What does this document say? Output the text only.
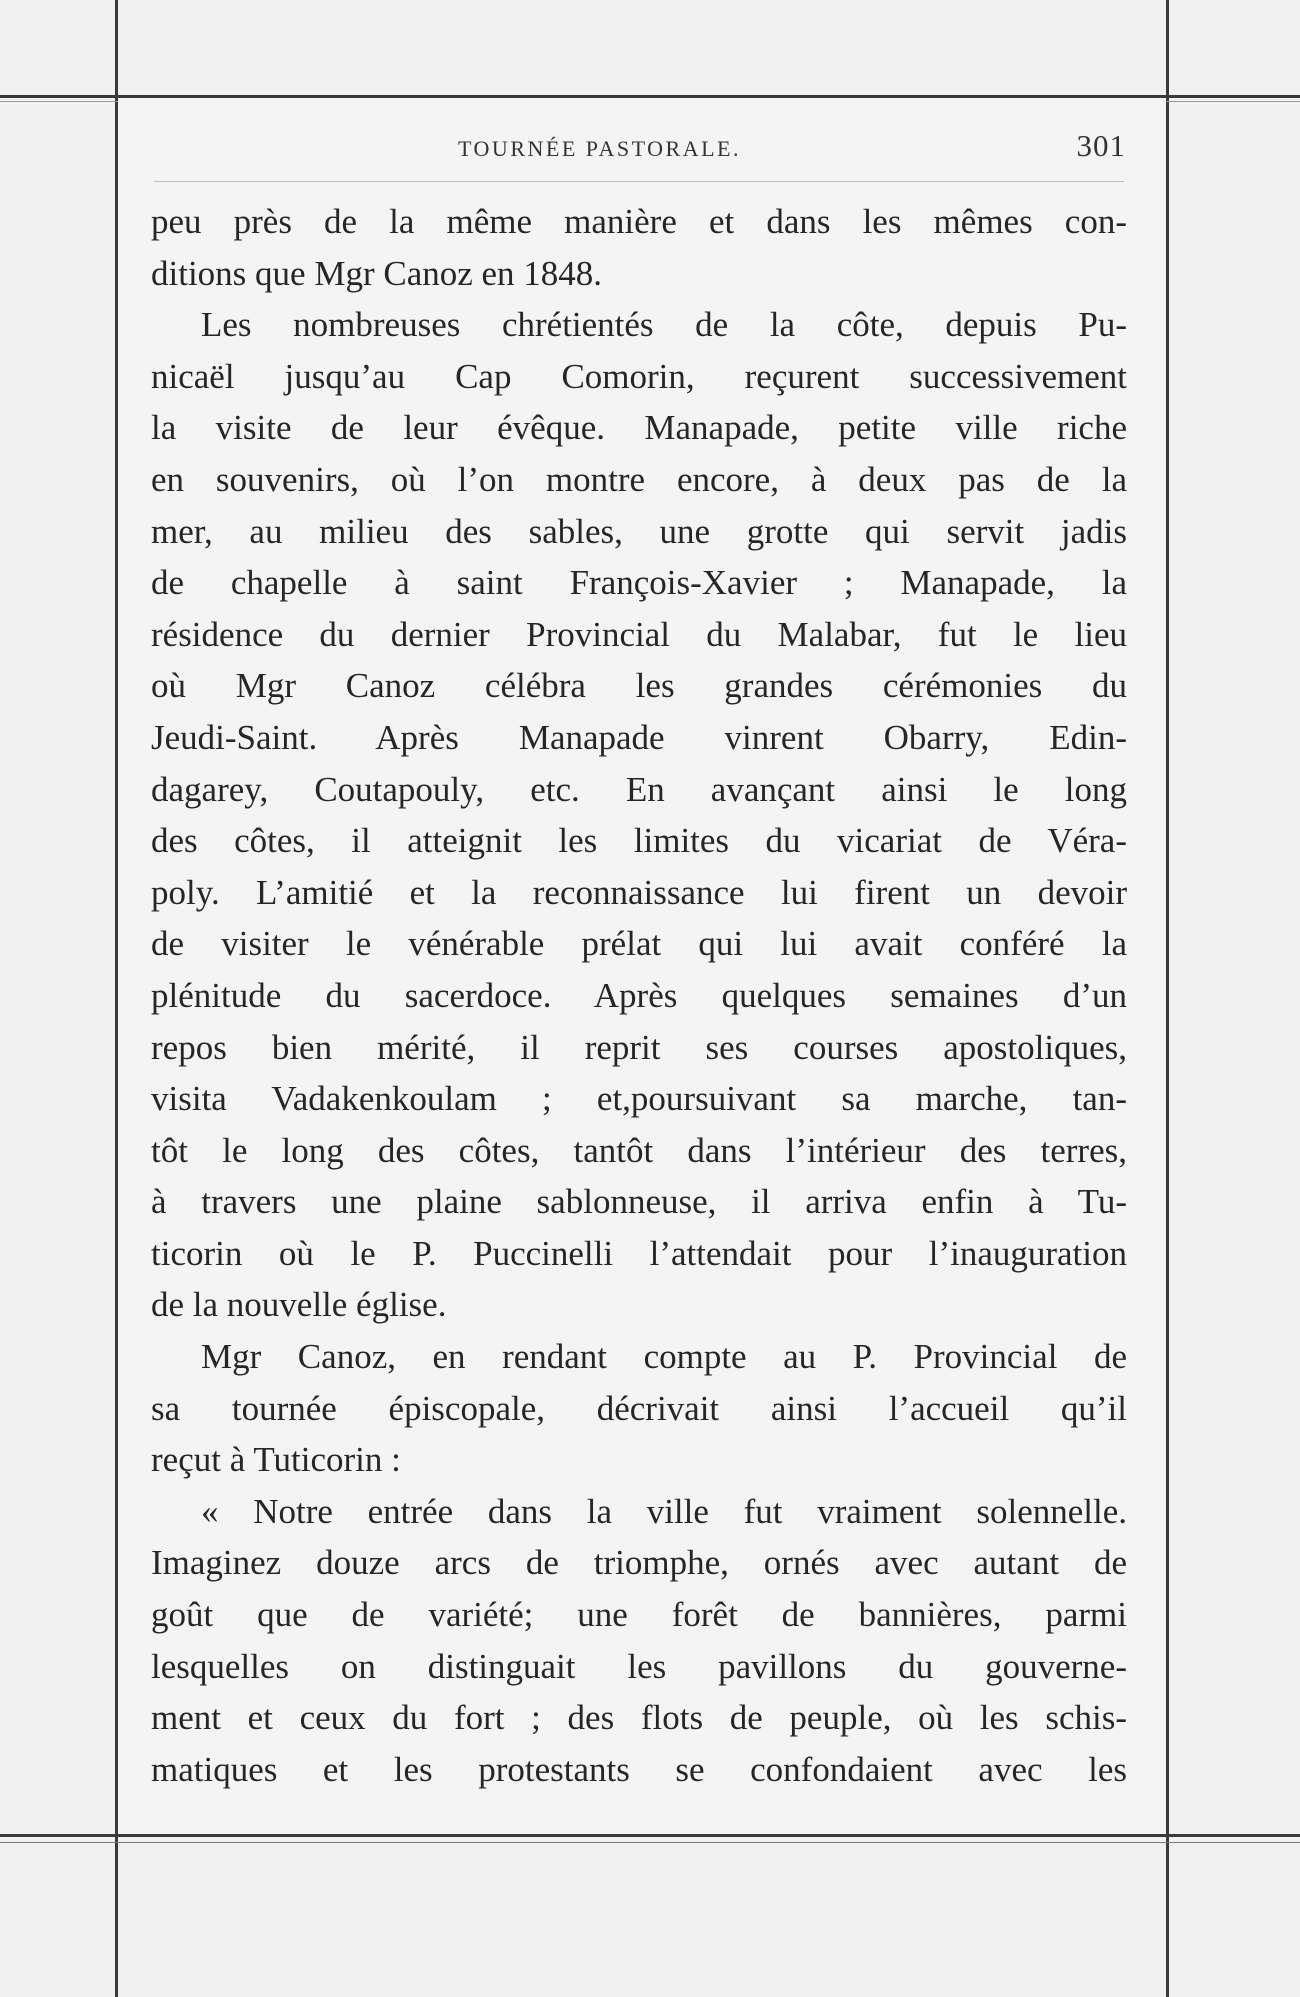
TOURNÉE PASTORALE.	301
peu près de la même manière et dans les mêmes con-
ditions que Mgr Canoz en 1848.
Les nombreuses chrétientés de la côte, depuis Pu-
nicaël jusqu’au Cap Comorin, reçurent successivement
la visite de leur évêque. Manapade, petite ville riche
en souvenirs, où l’on montre encore, à deux pas de la
mer, au milieu des sables, une grotte qui servit jadis
de chapelle à saint François-Xavier ; Manapade, la
résidence du dernier Provincial du Malabar, fut le lieu
où Mgr Canoz célébra les grandes cérémonies du
Jeudi-Saint. Après Manapade vinrent Obarry, Edin-
dagarey, Coutapouly, etc. En avançant ainsi le long
des côtes, il atteignit les limites du vicariat de Véra-
poly. L’amitié et la reconnaissance lui firent un devoir
de visiter le vénérable prélat qui lui avait conféré la
plénitude du sacerdoce. Après quelques semaines d’un
repos bien mérité, il reprit ses courses apostoliques,
visita Vadakenkoulam ; et,poursuivant sa marche, tan-
tôt le long des côtes, tantôt dans l’intérieur des terres,
à travers une plaine sablonneuse, il arriva enfin à Tu-
ticorin où le P. Puccinelli l’attendait pour l’inauguration
de la nouvelle église.
Mgr Canoz, en rendant compte au P. Provincial de
sa tournée épiscopale, décrivait ainsi l’accueil qu’il
reçut à Tuticorin :
« Notre entrée dans la ville fut vraiment solennelle.
Imaginez douze arcs de triomphe, ornés avec autant de
goût que de variété; une forêt de bannières, parmi
lesquelles on distinguait les pavillons du gouverne-
ment et ceux du fort ; des flots de peuple, où les schis-
matiques et les protestants se confondaient avec les
